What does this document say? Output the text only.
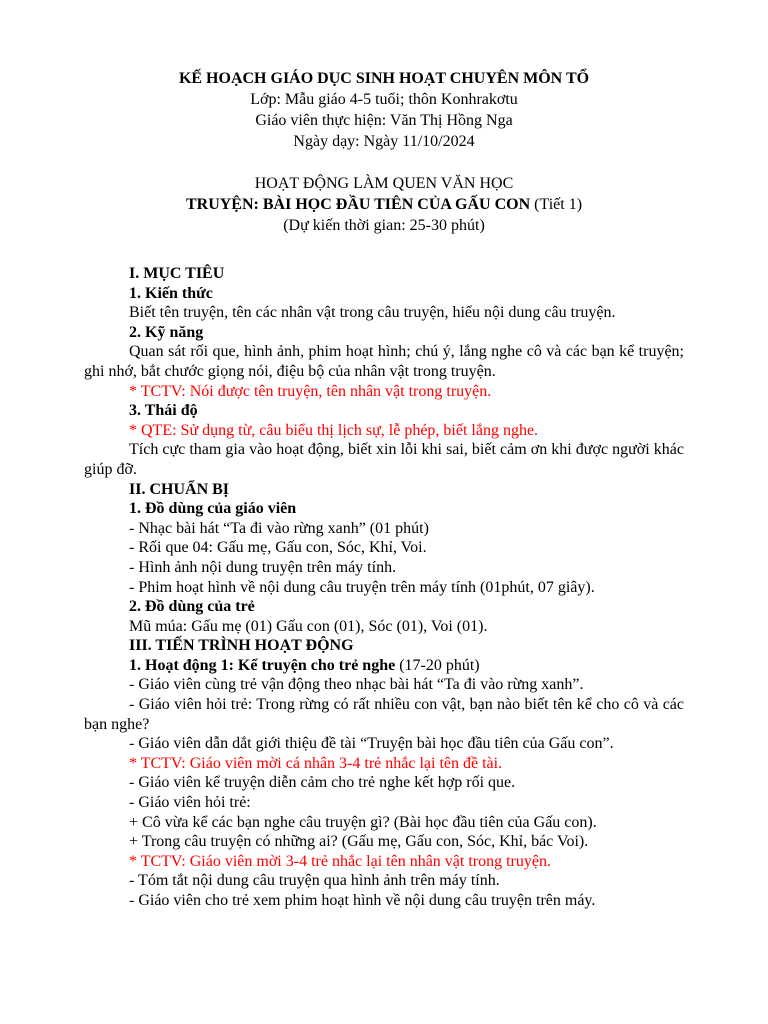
KẾ HOẠCH GIÁO DỤC SINH HOẠT CHUYÊN MÔN TỔ

Lớp: Mẫu giáo 4-5 tuổi; thôn Konhrakơtu

Giáo viên thực hiện: Văn Thị Hồng Nga

Ngày dạy: Ngày 11/10/2024

HOẠT ĐỘNG LÀM QUEN VĂN HỌC

TRUYỆN: BÀI HỌC ĐẦU TIÊN CỦA GẤU CON (Tiết 1)

(Dự kiến thời gian: 25-30 phút)

I. MỤC TIÊU

1. Kiến thức

Biết tên truyện, tên các nhân vật trong câu truyện, hiểu nội dung câu truyện.

2. Kỹ năng

Quan sát rối que, hình ảnh, phim hoạt hình; chú ý, lắng nghe cô và các bạn kể truyện; ghi nhớ, bắt chước giọng nói, điệu bộ của nhân vật trong truyện.

* TCTV: Nói được tên truyện, tên nhân vật trong truyện.

3. Thái độ

* QTE: Sử dụng từ, câu biểu thị lịch sự, lễ phép, biết lắng nghe.

Tích cực tham gia vào hoạt động, biết xin lỗi khi sai, biết cảm ơn khi được người khác giúp đỡ.

II. CHUẨN BỊ

1. Đồ dùng của giáo viên

- Nhạc bài hát “Ta đi vào rừng xanh” (01 phút)

- Rối que 04: Gấu mẹ, Gấu con, Sóc, Khỉ, Voi.

- Hình ảnh nội dung truyện trên máy tính.

- Phim hoạt hình về nội dung câu truyện trên máy tính (01phút, 07 giây).

2. Đồ dùng của trẻ

Mũ múa: Gấu mẹ (01) Gấu con (01), Sóc (01), Voi (01).

III. TIẾN TRÌNH HOẠT ĐỘNG

1. Hoạt động 1: Kể truyện cho trẻ nghe (17-20 phút)

- Giáo viên cùng trẻ vận động theo nhạc bài hát “Ta đi vào rừng xanh”.

- Giáo viên hỏi trẻ: Trong rừng có rất nhiều con vật, bạn nào biết tên kể cho cô và các bạn nghe?

- Giáo viên dẫn dắt giới thiệu đề tài “Truyện bài học đầu tiên của Gấu con”.

* TCTV: Giáo viên mời cá nhân 3-4 trẻ nhắc lại tên đề tài.

- Giáo viên kể truyện diễn cảm cho trẻ nghe kết hợp rối que.

- Giáo viên hỏi trẻ:

+ Cô vừa kể các bạn nghe câu truyện gì? (Bài học đầu tiên của Gấu con).

+ Trong câu truyện có những ai? (Gấu mẹ, Gấu con, Sóc, Khỉ, bác Voi).

* TCTV: Giáo viên mời 3-4 trẻ nhắc lại tên nhân vật trong truyện.

- Tóm tắt nội dung câu truyện qua hình ảnh trên máy tính.

- Giáo viên cho trẻ xem phim hoạt hình về nội dung câu truyện trên máy.
